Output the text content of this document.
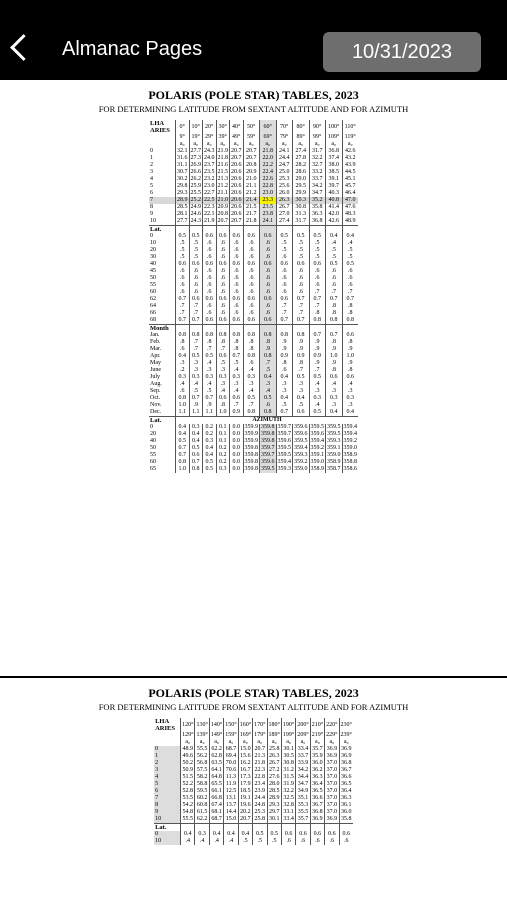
Almanac Pages	10/31/2023
POLARIS (POLE STAR) TABLES, 2023
FOR DETERMINING LATITUDE FROM SEXTANT ALTITUDE AND FOR AZIMUTH
LHA ARIES	0°	10°	20°	30°	40°	50°	60°	70°	80°	90°	100°	110°
	9°	19°	29°	39°	49°	59°	69°	79°	89°	99°	109°	119°
	a₀	a₀	a₀	a₀	a₀	a₀	a₀	a₀	a₀	a₀	a₀	a₀
0	32.1	27.7	24.3	21.9	20.7	20.7	21.8	24.1	27.4	31.7	36.8	42.6
1	31.6	27.3	24.0	21.8	20.7	20.7	22.0	24.4	27.8	32.2	37.4	43.2
2	31.1	26.9	23.7	21.6	20.6	20.8	22.2	24.7	28.2	32.7	38.0	43.9
3	30.7	26.6	23.5	21.5	20.6	20.9	22.4	25.0	28.6	33.2	38.5	44.5
4	30.2	26.2	23.2	21.3	20.6	21.0	22.6	25.3	29.0	33.7	39.1	45.1
5	29.8	25.9	23.0	21.2	20.6	21.1	22.8	25.6	29.5	34.2	39.7	45.7
6	29.3	25.5	22.7	21.1	20.6	21.2	23.0	26.0	29.9	34.7	40.3	46.4
7	28.9	25.2	22.5	21.0	20.6	21.4	23.3	26.3	30.3	35.2	40.8	47.0
8	28.5	24.9	22.3	20.9	20.6	21.5	23.5	26.7	30.8	35.8	41.4	47.6
9	28.1	24.6	22.1	20.8	20.6	21.7	23.8	27.0	31.3	36.3	42.0	48.3
10	27.7	24.3	21.9	20.7	20.7	21.8	24.1	27.4	31.7	36.8	42.6	48.9
Lat.												
0	0.5	0.5	0.6	0.6	0.6	0.6	0.6	0.5	0.5	0.5	0.4	0.4
10	.5	.5	.6	.6	.6	.6	.6	.5	.5	.5	.4	.4
20	.5	.5	.6	.6	.6	.6	.6	.5	.5	.5	.5	.5
30	.5	.5	.6	.6	.6	.6	.6	.6	.5	.5	.5	.5
40	0.6	0.6	0.6	0.6	0.6	0.6	0.6	0.6	0.6	0.6	0.5	0.5
45	.6	.6	.6	.6	.6	.6	.6	.6	.6	.6	.6	.6
50	.6	.6	.6	.6	.6	.6	.6	.6	.6	.6	.6	.6
55	.6	.6	.6	.6	.6	.6	.6	.6	.6	.6	.6	.6
60	.6	.6	.6	.6	.6	.6	.6	.6	.6	.7	.7	.7
62	0.7	0.6	0.6	0.6	0.6	0.6	0.6	0.6	0.7	0.7	0.7	0.7
64	.7	.7	.6	.6	.6	.6	.6	.7	.7	.7	.8	.8
66	.7	.7	.6	.6	.6	.6	.6	.7	.7	.8	.8	.8
68	0.7	0.7	0.6	0.6	0.6	0.6	0.6	0.7	0.7	0.8	0.8	0.8
Month												
Jan.	0.8	0.8	0.8	0.8	0.8	0.8	0.8	0.8	0.8	0.7	0.7	0.6
Feb.	.8	.7	.8	.8	.8	.8	.8	.9	.9	.9	.8	.8
Mar.	.6	.7	.7	.7	.8	.8	.9	.9	.9	.9	.9	.9
Apr.	0.4	0.5	0.5	0.6	0.7	0.8	0.8	0.9	0.9	0.9	1.0	1.0
May	.3	.3	.4	.5	.5	.6	.7	.8	.8	.9	.9	.9
June	.2	.3	.3	.3	.4	.4	.5	.6	.7	.7	.8	.8
July	0.3	0.3	0.3	0.3	0.3	0.3	0.4	0.4	0.5	0.5	0.6	0.6
Aug.	.4	.4	.4	.3	.3	.3	.3	.3	.3	.4	.4	.4
Sep.	.6	.5	.5	.4	.4	.4	.4	.3	.3	.3	.3	.3
Oct.	0.8	0.7	0.7	0.6	0.6	0.5	0.5	0.4	0.4	0.3	0.3	0.3
Nov.	1.0	.9	.9	.8	.7	.7	.6	.5	.5	.4	.3	.3
Dec.	1.1	1.1	1.1	1.0	0.9	0.8	0.8	0.7	0.6	0.5	0.4	0.4
Lat.	AZIMUTH											
0	0.4	0.3	0.2	0.1	0.0	359.9	359.8	359.7	359.6	359.5	359.5	359.4
20	0.4	0.4	0.2	0.1	0.0	359.9	359.8	359.7	359.6	359.6	359.5	359.4
40	0.5	0.4	0.3	0.1	0.0	359.9	359.8	359.6	359.5	359.4	359.3	359.2
50	0.7	0.5	0.4	0.2	0.0	359.8	359.7	359.5	359.4	359.2	359.1	359.0
55	0.7	0.6	0.4	0.2	0.0	359.8	359.7	359.5	359.3	359.1	359.0	358.9
60	0.8	0.7	0.5	0.2	0.0	359.8	359.6	359.4	359.2	359.0	358.9	358.8
65	1.0	0.8	0.5	0.3	0.0	359.8	359.5	359.3	359.0	358.9	358.7	358.6
POLARIS (POLE STAR) TABLES, 2023
FOR DETERMINING LATITUDE FROM SEXTANT ALTITUDE AND FOR AZIMUTH
LHA ARIES	120°	130°	140°	150°	160°	170°	180°	190°	200°	210°	220°	230°
	129°	139°	149°	159°	169°	179°	189°	199°	209°	219°	229°	239°
	a₀	a₀	a₀	a₀	a₀	a₀	a₀	a₀	a₀	a₀	a₀	a₀
0	48.9	55.5	62.2	68.7	15.0	20.7	25.8	30.1	33.4	35.7	36.9	36.9
1	49.6	56.2	62.8	69.4	15.6	21.3	26.3	30.5	33.7	35.9	36.9	36.9
2	50.2	56.8	63.5	70.0	16.2	21.8	26.7	30.8	33.9	36.0	37.0	36.8
3	50.9	57.5	64.1	70.6	16.7	22.3	27.2	31.2	34.2	36.2	37.0	36.7
4	51.5	58.2	64.8	11.3	17.3	22.8	27.6	31.5	34.4	36.3	37.0	36.6
5	52.2	58.8	65.5	11.9	17.9	23.4	28.0	31.9	34.7	36.4	37.0	36.5
6	52.8	59.5	66.1	12.5	18.5	23.9	28.5	32.2	34.9	36.5	37.0	36.4
7	53.5	60.2	66.8	13.1	19.1	24.4	28.9	32.5	35.1	36.6	37.0	36.3
8	54.2	60.8	67.4	13.7	19.6	24.8	29.3	32.8	35.3	36.7	37.0	36.1
9	54.8	61.5	68.1	14.4	20.2	25.3	29.7	33.1	35.5	36.8	37.0	36.0
10	55.5	62.2	68.7	15.0	20.7	25.8	30.1	33.4	35.7	36.9	36.9	35.8
Lat.												
0	0.4	0.3	0.4	0.4	0.4	0.5	0.5	0.6	0.6	0.6	0.6	0.6
10	.4	.4	.4	.4	.5	.5	.5	.6	.6	.6	.6	.6
